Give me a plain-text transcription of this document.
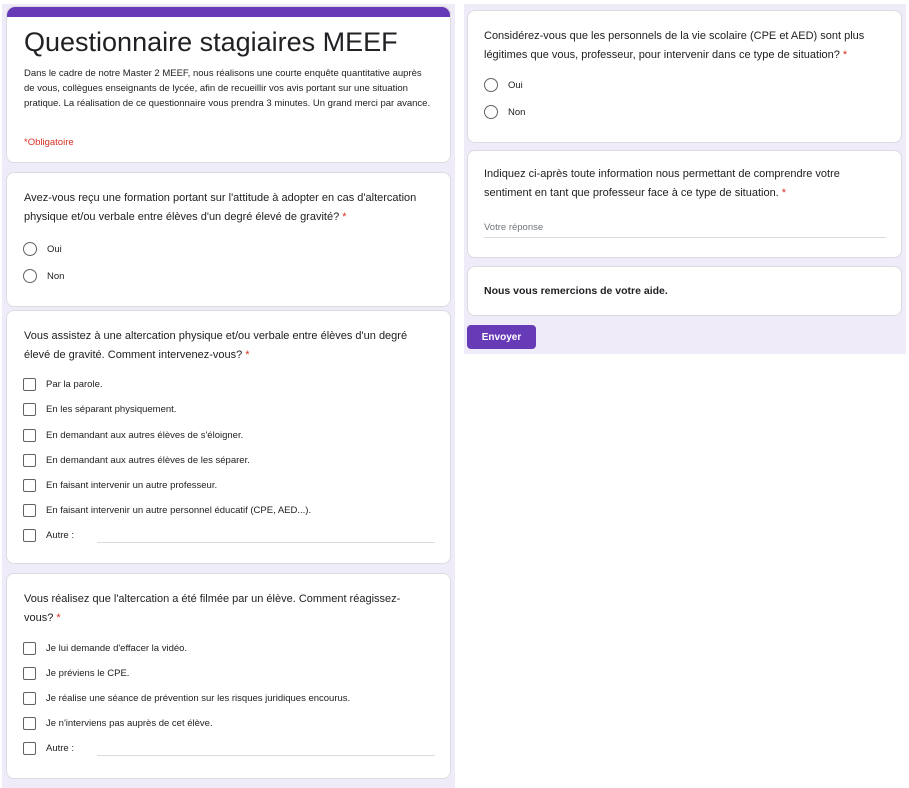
Questionnaire stagiaires MEEF
Dans le cadre de notre Master 2 MEEF, nous réalisons une courte enquête quantitative auprès de vous, collègues enseignants de lycée, afin de recueillir vos avis portant sur une situation pratique. La réalisation de ce questionnaire vous prendra 3 minutes. Un grand merci par avance.
*Obligatoire
Avez-vous reçu une formation portant sur l'attitude à adopter en cas d'altercation physique et/ou verbale entre élèves d'un degré élevé de gravité? *
Oui
Non
Vous assistez à une altercation physique et/ou verbale entre élèves d'un degré élevé de gravité. Comment intervenez-vous? *
Par la parole.
En les séparant physiquement.
En demandant aux autres élèves de s'éloigner.
En demandant aux autres élèves de les séparer.
En faisant intervenir un autre professeur.
En faisant intervenir un autre personnel éducatif (CPE, AED...).
Autre :
Vous réalisez que l'altercation a été filmée par un élève. Comment réagissez-vous? *
Je lui demande d'effacer la vidéo.
Je préviens le CPE.
Je réalise une séance de prévention sur les risques juridiques encourus.
Je n'interviens pas auprès de cet élève.
Autre :
Considérez-vous que les personnels de la vie scolaire (CPE et AED) sont plus légitimes que vous, professeur, pour intervenir dans ce type de situation? *
Oui
Non
Indiquez ci-après toute information nous permettant de comprendre votre sentiment en tant que professeur face à ce type de situation. *
Votre réponse
Nous vous remercions de votre aide.
Envoyer
